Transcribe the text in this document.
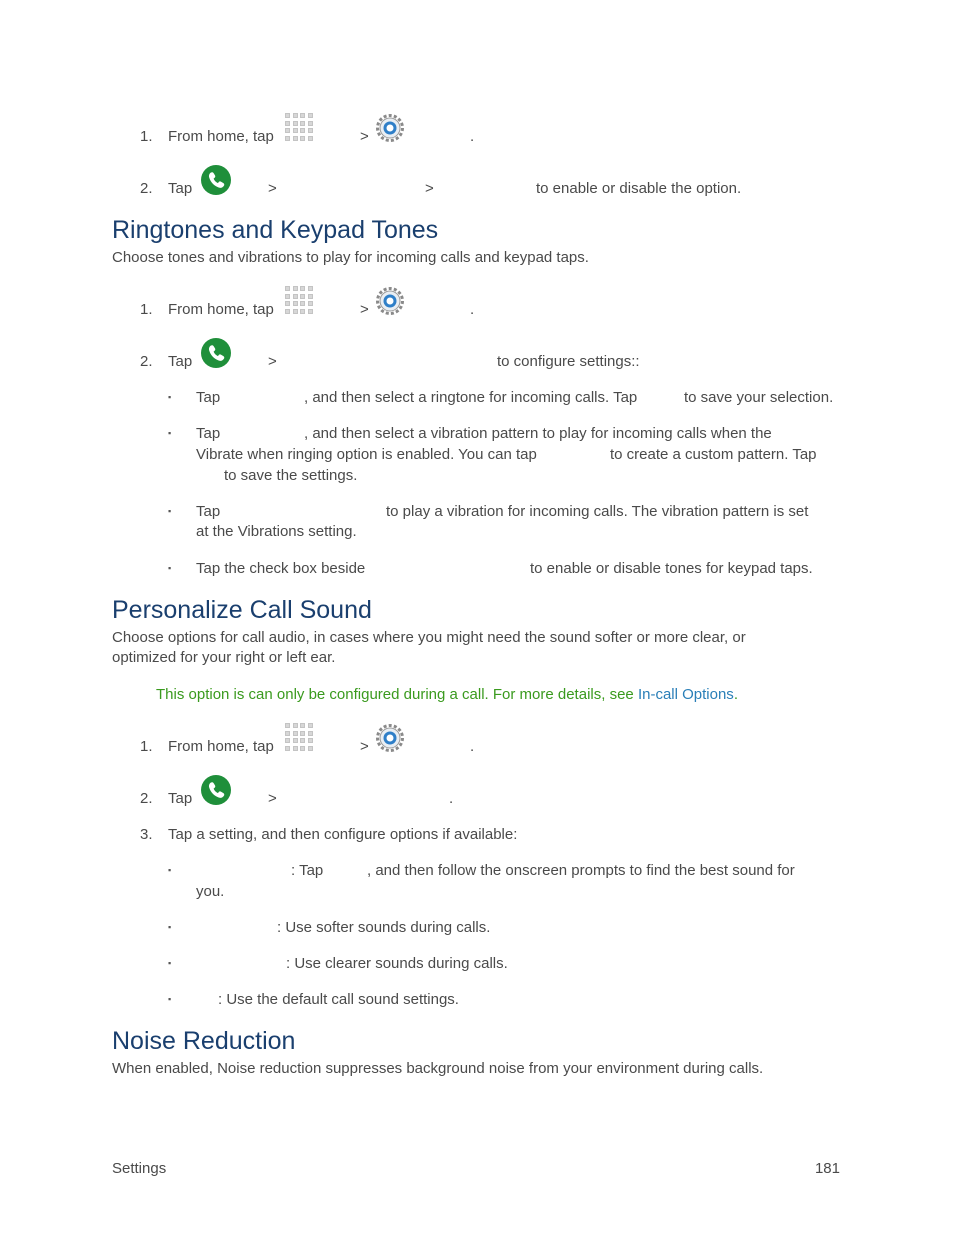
1. From home, tap	>	.
2. Tap	>	>	to enable or disable the option.
Ringtones and Keypad Tones
Choose tones and vibrations to play for incoming calls and keypad taps.
1. From home, tap	>	.
2. Tap	>	to configure settings::
▪ Tap	, and then select a ringtone for incoming calls. Tap	to save your selection.
▪ Tap	, and then select a vibration pattern to play for incoming calls when the
Vibrate when ringing option is enabled. You can tap	to create a custom pattern. Tap
to save the settings.
▪ Tap	to play a vibration for incoming calls. The vibration pattern is set
at the Vibrations setting.
▪ Tap the check box beside	to enable or disable tones for keypad taps.
Personalize Call Sound
Choose options for call audio, in cases where you might need the sound softer or more clear, or
optimized for your right or left ear.
This option is can only be configured during a call. For more details, see In-call Options.
1. From home, tap	>	.
2. Tap	>	.
3. Tap a setting, and then configure options if available:
▪	: Tap	, and then follow the onscreen prompts to find the best sound for
you.
▪	: Use softer sounds during calls.
▪	: Use clearer sounds during calls.
▪	: Use the default call sound settings.
Noise Reduction
When enabled, Noise reduction suppresses background noise from your environment during calls.
Settings	181
